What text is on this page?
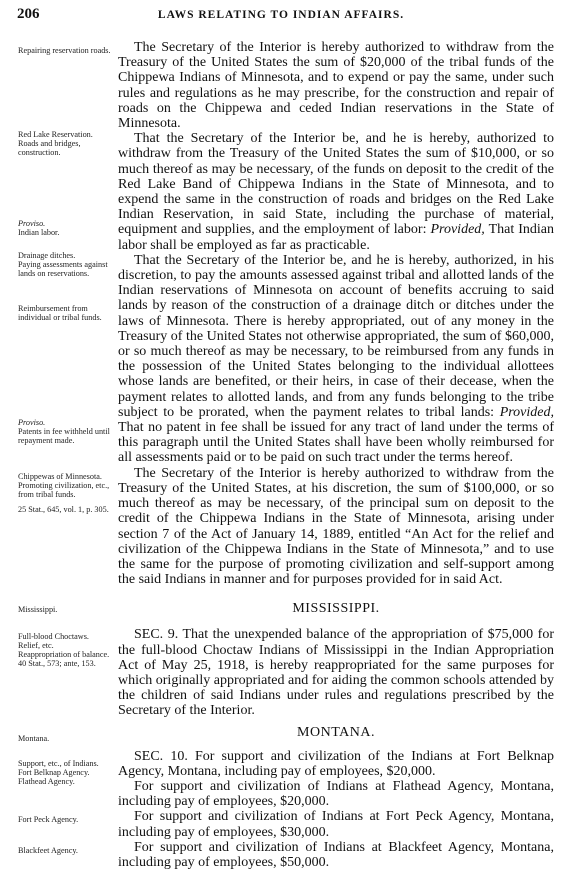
206	LAWS RELATING TO INDIAN AFFAIRS.
Repairing reservation roads.
Red Lake Reservation.
Roads and bridges, construction.
Proviso.
Indian labor.
Drainage ditches.
Paying assessments against lands on reservations.
Reimbursement from individual or tribal funds.
Proviso.
Patents in fee withheld until repayment made.
Chippewas of Minnesota.
Promoting civilization, etc., from tribal funds.
25 Stat., 645, vol. 1, p. 305.
Mississippi.
Full-blood Choctaws.
Relief, etc.
Reappropriation of balance.
40 Stat., 573; ante, 153.
Montana.
Support, etc., of Indians.
Fort Belknap Agency.
Flathead Agency.
Fort Peck Agency.
Blackfeet Agency.

The Secretary of the Interior is hereby authorized to withdraw from the Treasury of the United States the sum of $20,000 of the tribal funds of the Chippewa Indians of Minnesota, and to expend or pay the same, under such rules and regulations as he may prescribe, for the construction and repair of roads on the Chippewa and ceded Indian reservations in the State of Minnesota.

That the Secretary of the Interior be, and he is hereby, authorized to withdraw from the Treasury of the United States the sum of $10,000, or so much thereof as may be necessary, of the funds on deposit to the credit of the Red Lake Band of Chippewa Indians in the State of Minnesota, and to expend the same in the construction of roads and bridges on the Red Lake Indian Reservation, in said State, including the purchase of material, equipment and supplies, and the employment of labor: Provided, That Indian labor shall be employed as far as practicable.

That the Secretary of the Interior be, and he is hereby, authorized, in his discretion, to pay the amounts assessed against tribal and allotted lands of the Indian reservations of Minnesota on account of benefits accruing to said lands by reason of the construction of a drainage ditch or ditches under the laws of Minnesota. There is hereby appropriated, out of any money in the Treasury of the United States not otherwise appropriated, the sum of $60,000, or so much thereof as may be necessary, to be reimbursed from any funds in the possession of the United States belonging to the individual allottees whose lands are benefited, or their heirs, in case of their decease, when the payment relates to allotted lands, and from any funds belonging to the tribe subject to be prorated, when the payment relates to tribal lands: Provided, That no patent in fee shall be issued for any tract of land under the terms of this paragraph until the United States shall have been wholly reimbursed for all assessments paid or to be paid on such tract under the terms hereof.

The Secretary of the Interior is hereby authorized to withdraw from the Treasury of the United States, at his discretion, the sum of $100,000, or so much thereof as may be necessary, of the principal sum on deposit to the credit of the Chippewa Indians in the State of Minnesota, arising under section 7 of the Act of January 14, 1889, entitled “An Act for the relief and civilization of the Chippewa Indians in the State of Minnesota,” and to use the same for the purpose of promoting civilization and self-support among the said Indians in manner and for purposes provided for in said Act.

MISSISSIPPI.

SEC. 9. That the unexpended balance of the appropriation of $75,000 for the full-blood Choctaw Indians of Mississippi in the Indian Appropriation Act of May 25, 1918, is hereby reappropriated for the same purposes for which originally appropriated and for aiding the common schools attended by the children of said Indians under rules and regulations prescribed by the Secretary of the Interior.

MONTANA.

SEC. 10. For support and civilization of the Indians at Fort Belknap Agency, Montana, including pay of employees, $20,000.

For support and civilization of Indians at Flathead Agency, Montana, including pay of employees, $20,000.

For support and civilization of Indians at Fort Peck Agency, Montana, including pay of employees, $30,000.

For support and civilization of Indians at Blackfeet Agency, Montana, including pay of employees, $50,000.
